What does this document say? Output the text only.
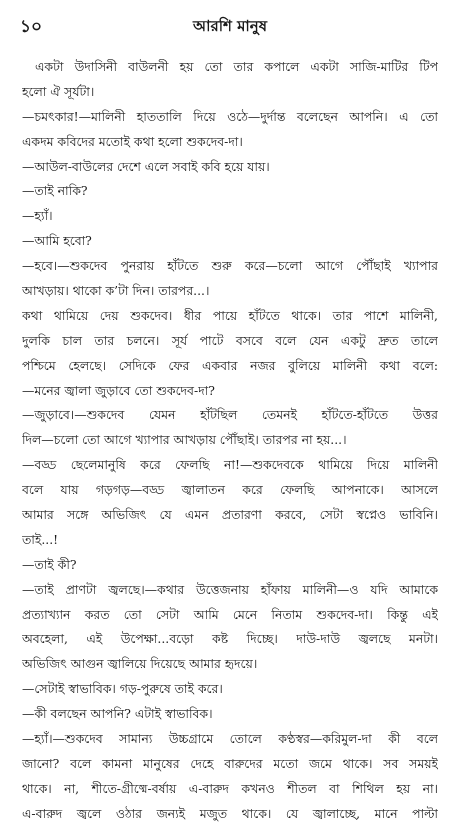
১০	আরশি মানুষ
একটা উদাসিনী বাউলনী হয় তো তার কপালে একটা সাজি-মাটির টিপ
হলো ঐ সূর্যটা।
—চমৎকার!—মালিনী হাততালি দিয়ে ওঠে—দুর্দান্ত বলেছেন আপনি। এ তো
একদম কবিদের মতোই কথা হলো শুকদেব-দা।
—আউল-বাউলের দেশে এলে সবাই কবি হয়ে যায়।
—তাই নাকি?
—হ্যাঁ।
—আমি হবো?
—হবে।—শুকদেব পুনরায় হাঁটতে শুরু করে—চলো আগে পৌঁছাই খ্যাপার
আখড়ায়। থাকো ক’টা দিন। তারপর...।
কথা থামিয়ে দেয় শুকদেব। ধীর পায়ে হাঁটতে থাকে। তার পাশে মালিনী,
দুলকি চাল তার চলনে। সূর্য পাটে বসবে বলে যেন একটু দ্রুত তালে
পশ্চিমে হেলছে। সেদিকে ফের একবার নজর বুলিয়ে মালিনী কথা বলে:
—মনের জ্বালা জুড়াবে তো শুকদেব-দা?
—জুড়াবে।—শুকদেব যেমন হাঁটছিল তেমনই হাঁটতে-হাঁটতে উত্তর
দিল—চলো তো আগে খ্যাপার আখড়ায় পৌঁছাই। তারপর না হয়...।
—বড্ড ছেলেমানুষি করে ফেলছি না!—শুকদেবকে থামিয়ে দিয়ে মালিনী
বলে যায় গড়গড়—বড্ড জ্বালাতন করে ফেলছি আপনাকে। আসলে
আমার সঙ্গে অভিজিৎ যে এমন প্রতারণা করবে, সেটা স্বপ্নেও ভাবিনি।
তাই...!
—তাই কী?
—তাই প্রাণটা জ্বলছে।—কথার উত্তেজনায় হাঁফায় মালিনী—ও যদি আমাকে
প্রত্যাখ্যান করত তো সেটা আমি মেনে নিতাম শুকদেব-দা। কিন্তু এই
অবহেলা, এই উপেক্ষা...বড়ো কষ্ট দিচ্ছে। দাউ-দাউ জ্বলছে মনটা।
অভিজিৎ আগুন জ্বালিয়ে দিয়েছে আমার হৃদয়ে।
—সেটাই স্বাভাবিক। গড়-পুরুষে তাই করে।
—কী বলছেন আপনি? এটাই স্বাভাবিক।
—হ্যাঁ।—শুকদেব সামান্য উচ্চগ্রামে তোলে কণ্ঠস্বর—করিমুল-দা কী বলে
জানো? বলে কামনা মানুষের দেহে বারুদের মতো জমে থাকে। সব সময়ই
থাকে। না, শীতে-গ্রীষ্মে-বর্ষায় এ-বারুদ কখনও শীতল বা শিথিল হয় না।
এ-বারুদ জ্বলে ওঠার জন্যই মজুত থাকে। যে জ্বালাচ্ছে, মানে পাল্টা
